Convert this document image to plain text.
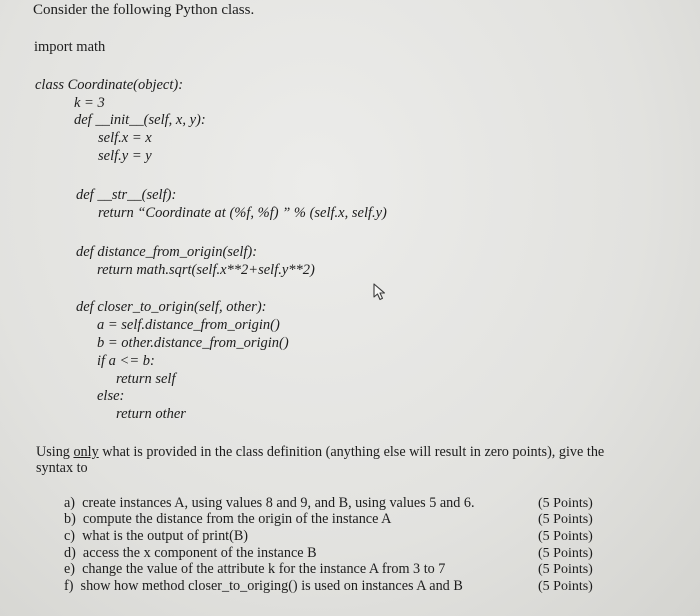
Consider the following Python class.
import math
class Coordinate(object):
k = 3
def __init__(self, x, y):
self.x = x
self.y = y
def __str__(self):
return “Coordinate at (%f, %f) ” % (self.x, self.y)
def distance_from_origin(self):
return math.sqrt(self.x**2+self.y**2)
def closer_to_origin(self, other):
a = self.distance_from_origin()
b = other.distance_from_origin()
if a <= b:
return self
else:
return other
Using only what is provided in the class definition (anything else will result in zero points), give the
syntax to
a) create instances A, using values 8 and 9, and B, using values 5 and 6.	(5 Points)
b) compute the distance from the origin of the instance A	(5 Points)
c) what is the output of print(B)	(5 Points)
d) access the x component of the instance B	(5 Points)
e) change the value of the attribute k for the instance A from 3 to 7	(5 Points)
f) show how method closer_to_origing() is used on instances A and B	(5 Points)
